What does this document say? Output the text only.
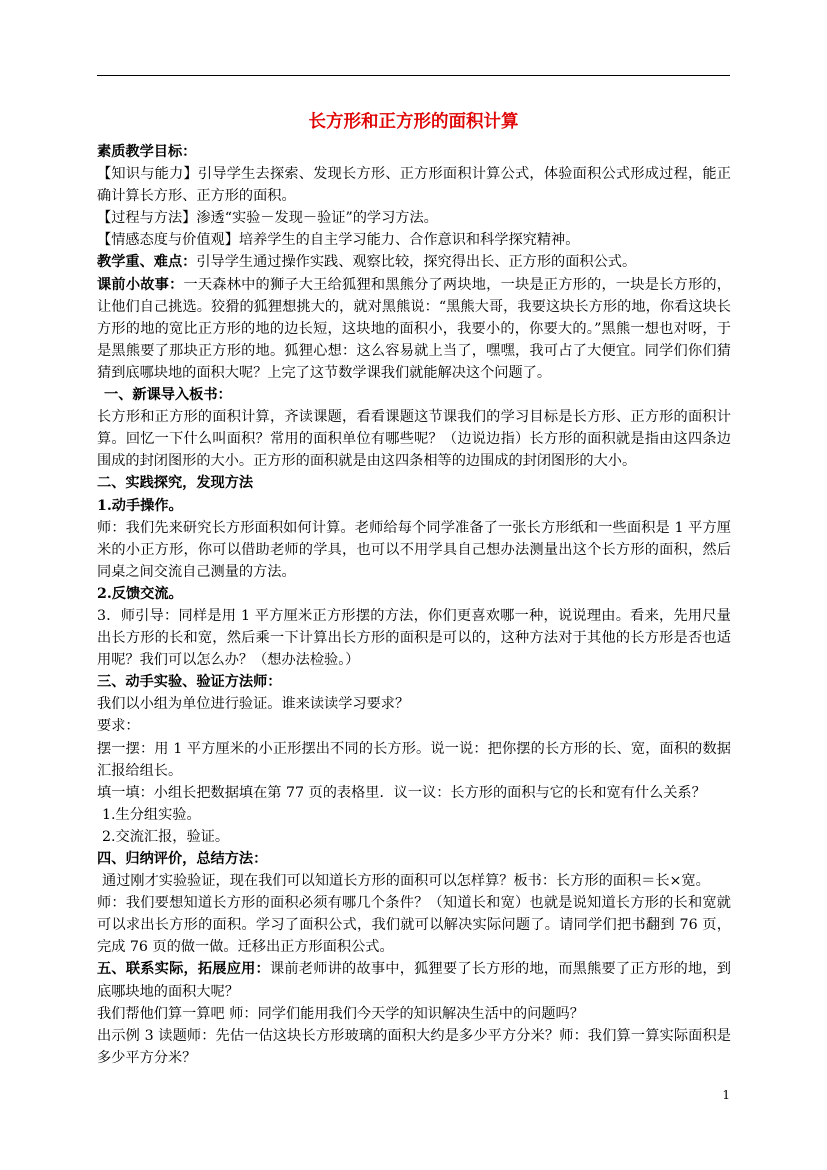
长方形和正方形的面积计算

素质教学目标：

【知识与能力】引导学生去探索、发现长方形、正方形面积计算公式，体验面积公式形成过程，能正确计算长方形、正方形的面积。

【过程与方法】渗透“实验－发现－验证”的学习方法。

【情感态度与价值观】培养学生的自主学习能力、合作意识和科学探究精神。

教学重、难点：引导学生通过操作实践、观察比较，探究得出长、正方形的面积公式。

课前小故事：一天森林中的狮子大王给狐狸和黑熊分了两块地，一块是正方形的，一块是长方形的，让他们自己挑选。狡猾的狐狸想挑大的，就对黑熊说：“黑熊大哥，我要这块长方形的地，你看这块长方形的地的宽比正方形的地的边长短，这块地的面积小，我要小的，你要大的。”黑熊一想也对呀，于是黑熊要了那块正方形的地。狐狸心想：这么容易就上当了，嘿嘿，我可占了大便宜。同学们你们猜猜到底哪块地的面积大呢？上完了这节数学课我们就能解决这个问题了。

一、新课导入板书：

长方形和正方形的面积计算，齐读课题，看看课题这节课我们的学习目标是长方形、正方形的面积计算。回忆一下什么叫面积？常用的面积单位有哪些呢？（边说边指）长方形的面积就是指由这四条边围成的封闭图形的大小。正方形的面积就是由这四条相等的边围成的封闭图形的大小。

二、实践探究，发现方法

1.动手操作。

师：我们先来研究长方形面积如何计算。老师给每个同学准备了一张长方形纸和一些面积是 1 平方厘米的小正方形，你可以借助老师的学具，也可以不用学具自己想办法测量出这个长方形的面积，然后同桌之间交流自己测量的方法。

2.反馈交流。

3．师引导：同样是用 1 平方厘米正方形摆的方法，你们更喜欢哪一种，说说理由。看来，先用尺量出长方形的长和宽，然后乘一下计算出长方形的面积是可以的，这种方法对于其他的长方形是否也适用呢？我们可以怎么办？（想办法检验。）

三、动手实验、验证方法师：

我们以小组为单位进行验证。谁来读读学习要求？

要求：

摆一摆：用 1 平方厘米的小正形摆出不同的长方形。说一说：把你摆的长方形的长、宽，面积的数据汇报给组长。

填一填：小组长把数据填在第 77 页的表格里．议一议：长方形的面积与它的长和宽有什么关系？

1.生分组实验。

2.交流汇报，验证。

四、归纳评价，总结方法：

通过刚才实验验证，现在我们可以知道长方形的面积可以怎样算？板书：长方形的面积＝长×宽。

师：我们要想知道长方形的面积必须有哪几个条件？（知道长和宽）也就是说知道长方形的长和宽就可以求出长方形的面积。学习了面积公式，我们就可以解决实际问题了。请同学们把书翻到 76 页，完成 76 页的做一做。迁移出正方形面积公式。

五、联系实际，拓展应用：课前老师讲的故事中，狐狸要了长方形的地，而黑熊要了正方形的地，到底哪块地的面积大呢？

我们帮他们算一算吧 师：同学们能用我们今天学的知识解决生活中的问题吗？

出示例 3 读题师：先估一估这块长方形玻璃的面积大约是多少平方分米？师：我们算一算实际面积是多少平方分米？

1
